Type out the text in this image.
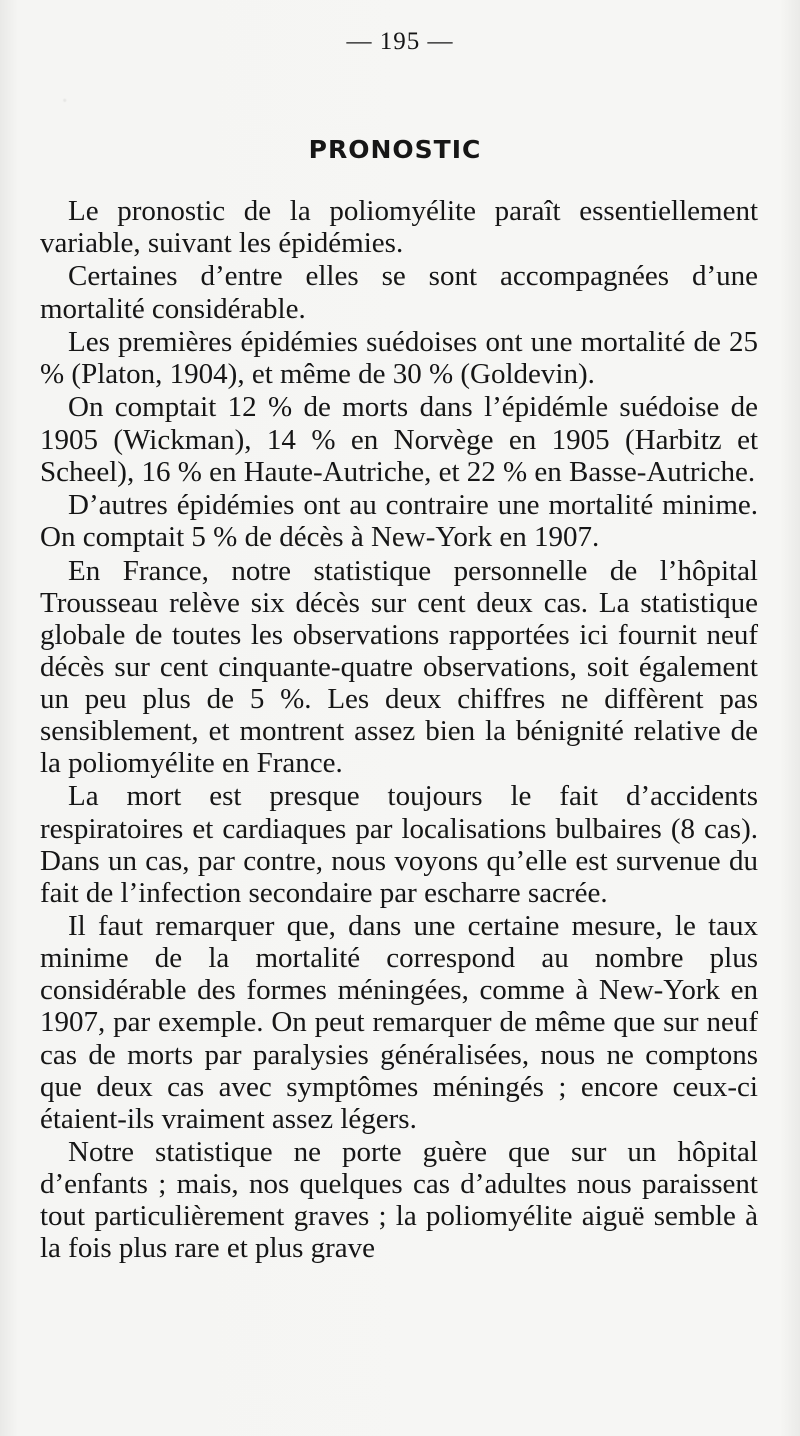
·
— 195 —
PRONOSTIC

Le pronostic de la poliomyélite paraît essentiellement variable, suivant les épidémies.

Certaines d’entre elles se sont accompagnées d’une mortalité considérable.

Les premières épidémies suédoises ont une mortalité de 25 % (Platon, 1904), et même de 30 % (Goldevin).

On comptait 12 % de morts dans l’épidémle suédoise de 1905 (Wickman), 14 % en Norvège en 1905 (Harbitz et Scheel), 16 % en Haute-Autriche, et 22 % en Basse-Autriche.

D’autres épidémies ont au contraire une mortalité minime. On comptait 5 % de décès à New-York en 1907.

En France, notre statistique personnelle de l’hôpital Trousseau relève six décès sur cent deux cas. La statistique globale de toutes les observations rapportées ici fournit neuf décès sur cent cinquante-quatre observations, soit également un peu plus de 5 %. Les deux chiffres ne diffèrent pas sensiblement, et montrent assez bien la bénignité relative de la poliomyélite en France.

La mort est presque toujours le fait d’accidents respiratoires et cardiaques par localisations bulbaires (8 cas). Dans un cas, par contre, nous voyons qu’elle est survenue du fait de l’infection secondaire par escharre sacrée.

Il faut remarquer que, dans une certaine mesure, le taux minime de la mortalité correspond au nombre plus considérable des formes méningées, comme à New-York en 1907, par exemple. On peut remarquer de même que sur neuf cas de morts par paralysies généralisées, nous ne comptons que deux cas avec symptômes méningés ; encore ceux-ci étaient-ils vraiment assez légers.

Notre statistique ne porte guère que sur un hôpital d’enfants ; mais, nos quelques cas d’adultes nous paraissent tout particulièrement graves ; la poliomyélite aiguë semble à la fois plus rare et plus grave
